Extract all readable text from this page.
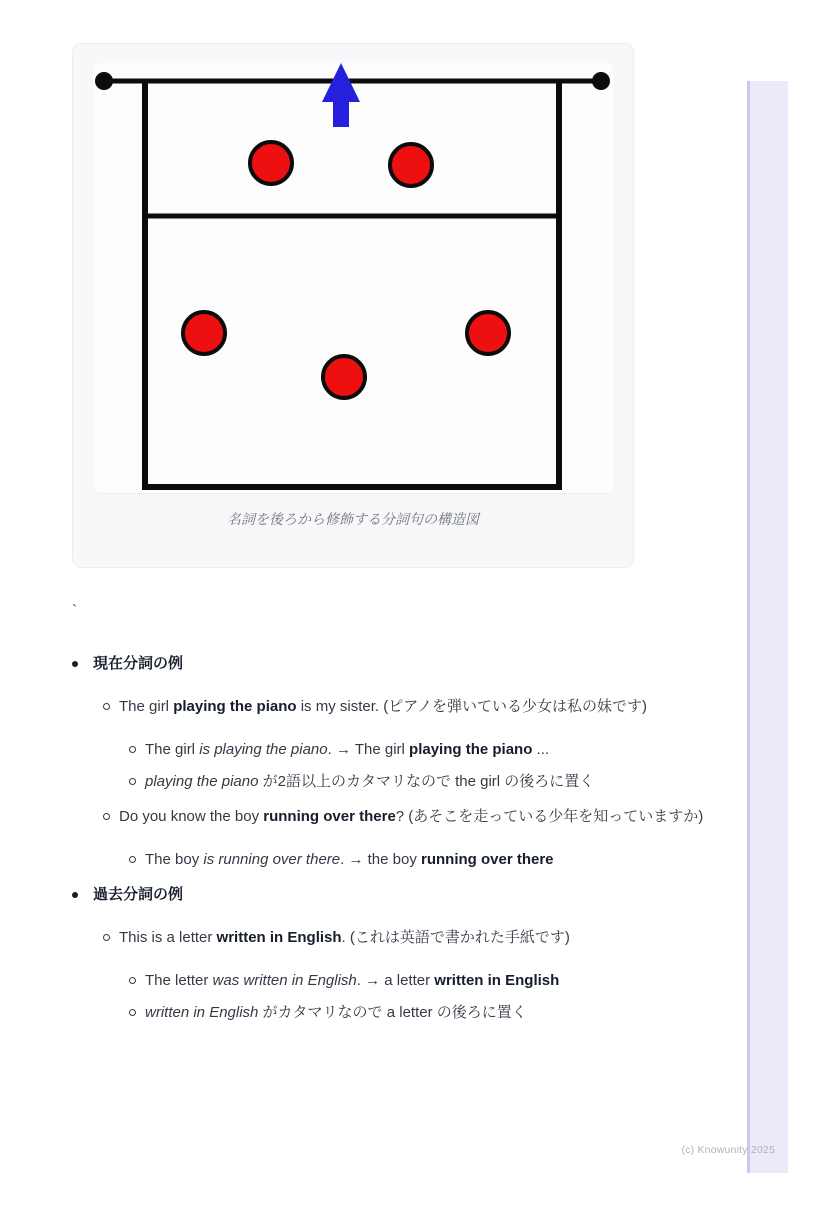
名詞を後ろから修飾する分詞句の構造図

`

現在分詞の例
The girl playing the piano is my sister. (ピアノを弾いている少女は私の妹です)
The girl is playing the piano. → The girl playing the piano ...
playing the piano が2語以上のカタマリなので the girl の後ろに置く
Do you know the boy running over there? (あそこを走っている少年を知っていますか)
The boy is running over there. → the boy running over there
過去分詞の例
This is a letter written in English. (これは英語で書かれた手紙です)
The letter was written in English. → a letter written in English
written in English がカタマリなので a letter の後ろに置く
(c) Knowunity 2025
